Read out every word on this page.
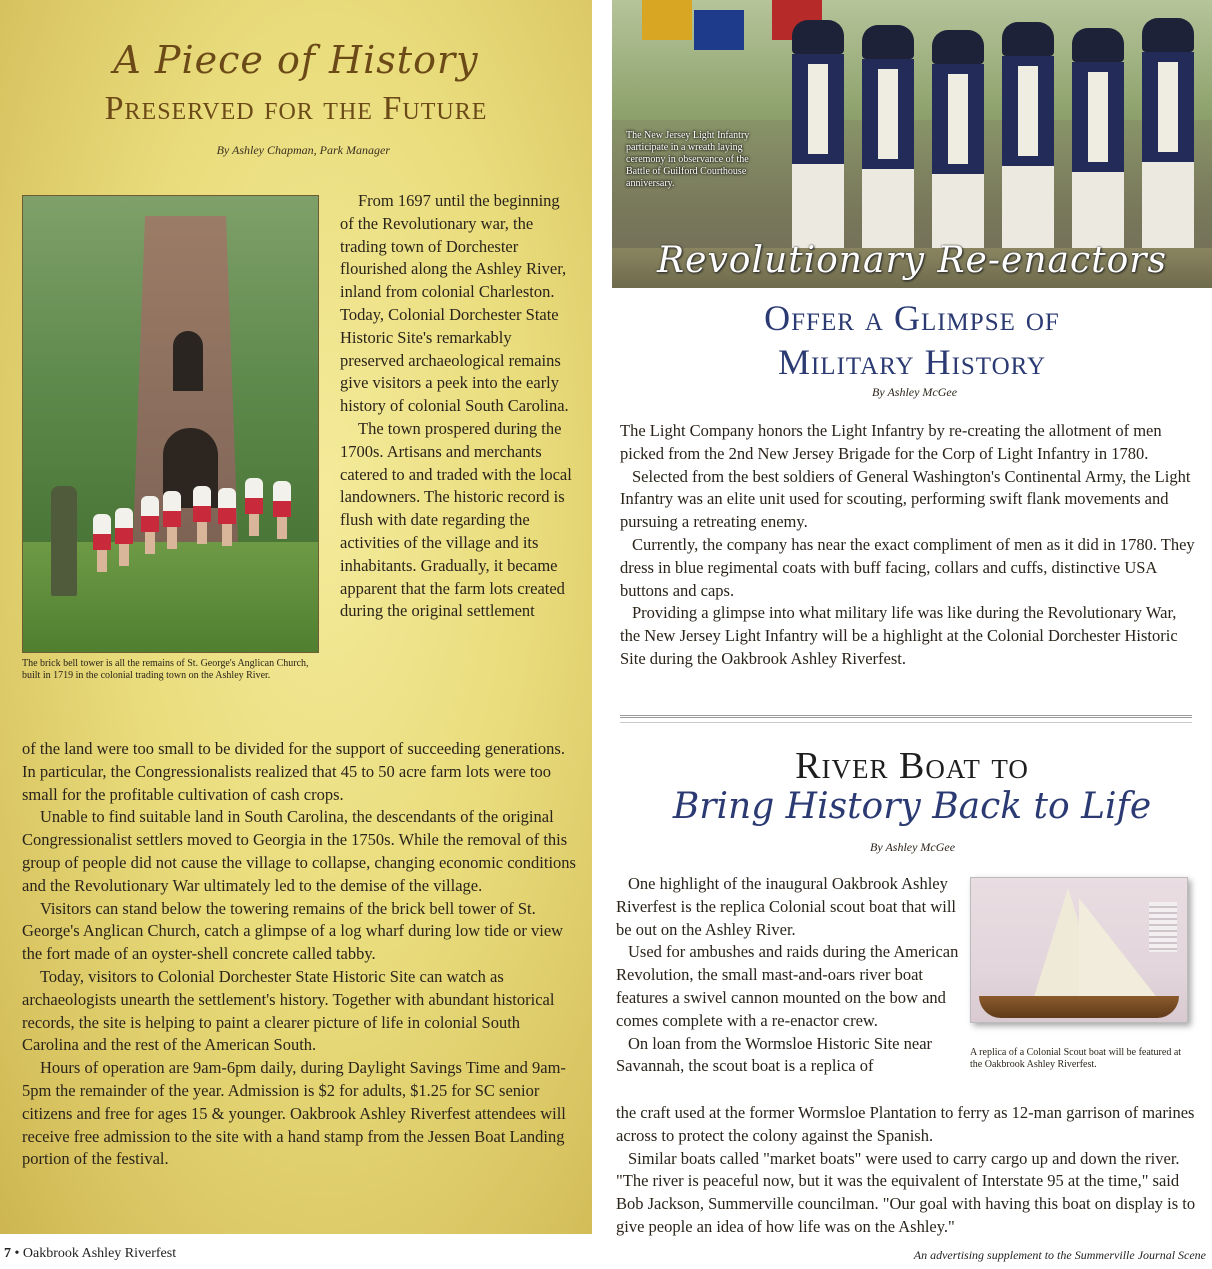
A Piece of History
Preserved for the Future
By Ashley Chapman, Park Manager
The brick bell tower is all the remains of St. George's Anglican Church, built in 1719 in the colonial trading town on the Ashley River.

From 1697 until the beginning of the Revolutionary war, the trading town of Dorchester flourished along the Ashley River, inland from colonial Charleston. Today, Colonial Dorchester State Historic Site's remarkably preserved archaeological remains give visitors a peek into the early history of colonial South Carolina.

The town prospered during the 1700s. Artisans and merchants catered to and traded with the local landowners. The historic record is flush with date regarding the activities of the village and its inhabitants. Gradually, it became apparent that the farm lots created during the original settlement

of the land were too small to be divided for the support of succeeding generations. In particular, the Congressionalists realized that 45 to 50 acre farm lots were too small for the profitable cultivation of cash crops.

Unable to find suitable land in South Carolina, the descendants of the original Congressionalist settlers moved to Georgia in the 1750s. While the removal of this group of people did not cause the village to collapse, changing economic conditions and the Revolutionary War ultimately led to the demise of the village.

Visitors can stand below the towering remains of the brick bell tower of St. George's Anglican Church, catch a glimpse of a log wharf during low tide or view the fort made of an oyster-shell concrete called tabby.

Today, visitors to Colonial Dorchester State Historic Site can watch as archaeologists unearth the settlement's history. Together with abundant historical records, the site is helping to paint a clearer picture of life in colonial South Carolina and the rest of the American South.

Hours of operation are 9am-6pm daily, during Daylight Savings Time and 9am-5pm the remainder of the year. Admission is $2 for adults, $1.25 for SC senior citizens and free for ages 15 & younger. Oakbrook Ashley Riverfest attendees will receive free admission to the site with a hand stamp from the Jessen Boat Landing portion of the festival.

The New Jersey Light Infantry participate in a wreath laying ceremony in observance of the Battle of Guilford Courthouse anniversary.
Revolutionary Re-enactors
Offer a Glimpse of
Military History
By Ashley McGee

The Light Company honors the Light Infantry by re-creating the allotment of men picked from the 2nd New Jersey Brigade for the Corp of Light Infantry in 1780.

Selected from the best soldiers of General Washington's Continental Army, the Light Infantry was an elite unit used for scouting, performing swift flank movements and pursuing a retreating enemy.

Currently, the company has near the exact compliment of men as it did in 1780. They dress in blue regimental coats with buff facing, collars and cuffs, distinctive USA buttons and caps.

Providing a glimpse into what military life was like during the Revolutionary War, the New Jersey Light Infantry will be a highlight at the Colonial Dorchester Historic Site during the Oakbrook Ashley Riverfest.

River Boat to
Bring History Back to Life
By Ashley McGee
A replica of a Colonial Scout boat will be featured at the Oakbrook Ashley Riverfest.

One highlight of the inaugural Oakbrook Ashley Riverfest is the replica Colonial scout boat that will be out on the Ashley River.

Used for ambushes and raids during the American Revolution, the small mast-and-oars river boat features a swivel cannon mounted on the bow and comes complete with a re-enactor crew.

On loan from the Wormsloe Historic Site near Savannah, the scout boat is a replica of

the craft used at the former Wormsloe Plantation to ferry as 12-man garrison of marines across to protect the colony against the Spanish.

Similar boats called "market boats" were used to carry cargo up and down the river. "The river is peaceful now, but it was the equivalent of Interstate 95 at the time," said Bob Jackson, Summerville councilman. "Our goal with having this boat on display is to give people an idea of how life was on the Ashley."

7 • Oakbrook Ashley Riverfest	An advertising supplement to the Summerville Journal Scene
